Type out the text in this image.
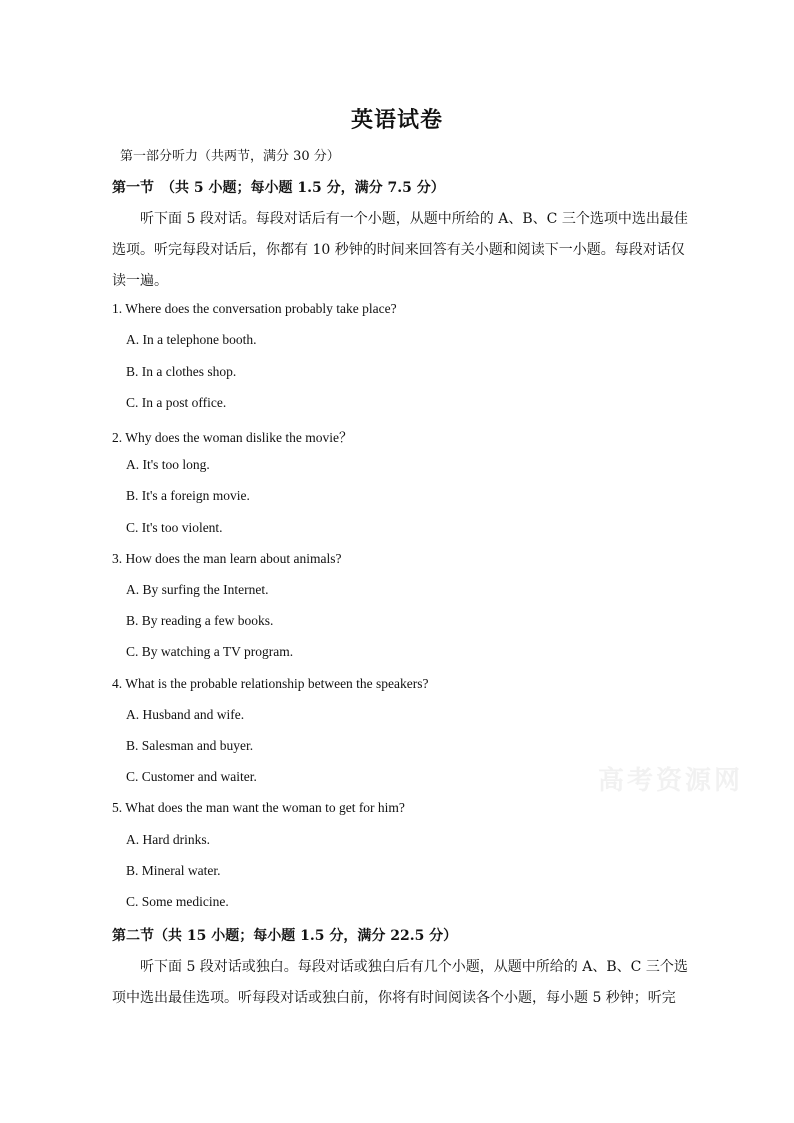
英语试卷
第一部分听力（共两节，满分 30 分）
第一节　（共 5 小题；每小题 1.5 分，满分 7.5 分）
听下面 5 段对话。每段对话后有一个小题，从题中所给的 A、B、C 三个选项中选出最佳
选项。听完每段对话后，你都有 10 秒钟的时间来回答有关小题和阅读下一小题。每段对话仅
读一遍。
1. Where does the conversation probably take place?
A. In a telephone booth.
B. In a clothes shop.
C. In a post office.
2. Why does the woman dislike the movie？
A. It's too long.
B. It's a foreign movie.
C. It's too violent.
3. How does the man learn about animals?
A. By surfing the Internet.
B. By reading a few books.
C. By watching a TV program.
4. What is the probable relationship between the speakers?
A. Husband and wife.
B. Salesman and buyer.
C. Customer and waiter.
5. What does the man want the woman to get for him?
A. Hard drinks.
B. Mineral water.
C. Some medicine.
第二节（共 15 小题；每小题 1.5 分，满分 22.5 分）
听下面 5 段对话或独白。每段对话或独白后有几个小题，从题中所给的 A、B、C 三个选
项中选出最佳选项。听每段对话或独白前，你将有时间阅读各个小题，每小题 5 秒钟；听完
高考资源网
